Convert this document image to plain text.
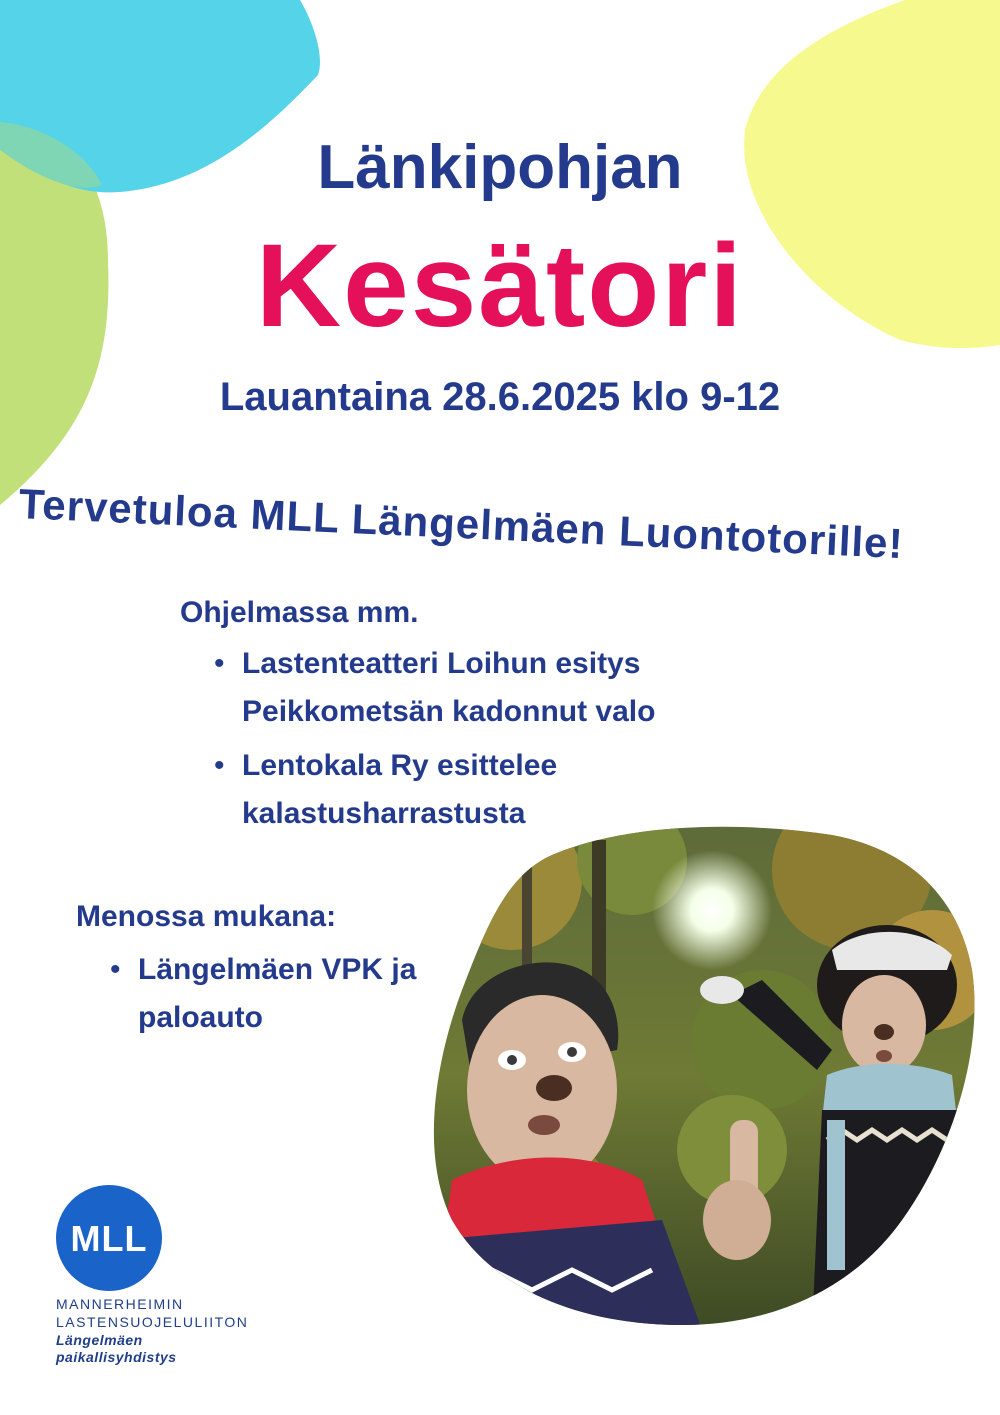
Länkipohjan

Kesätori

Lauantaina 28.6.2025 klo 9-12

Tervetuloa MLL Längelmäen Luontotorille!

Ohjelmassa mm.

• Lastenteatteri Loihun esitys
Peikkometsän kadonnut valo
• Lentokala Ry esittelee
kalastusharrastusta

Menossa mukana:

• Längelmäen VPK ja
paloauto
MLL
MANNERHEIMIN
LASTENSUOJELULIITON
Längelmäen
paikallisyhdistys
